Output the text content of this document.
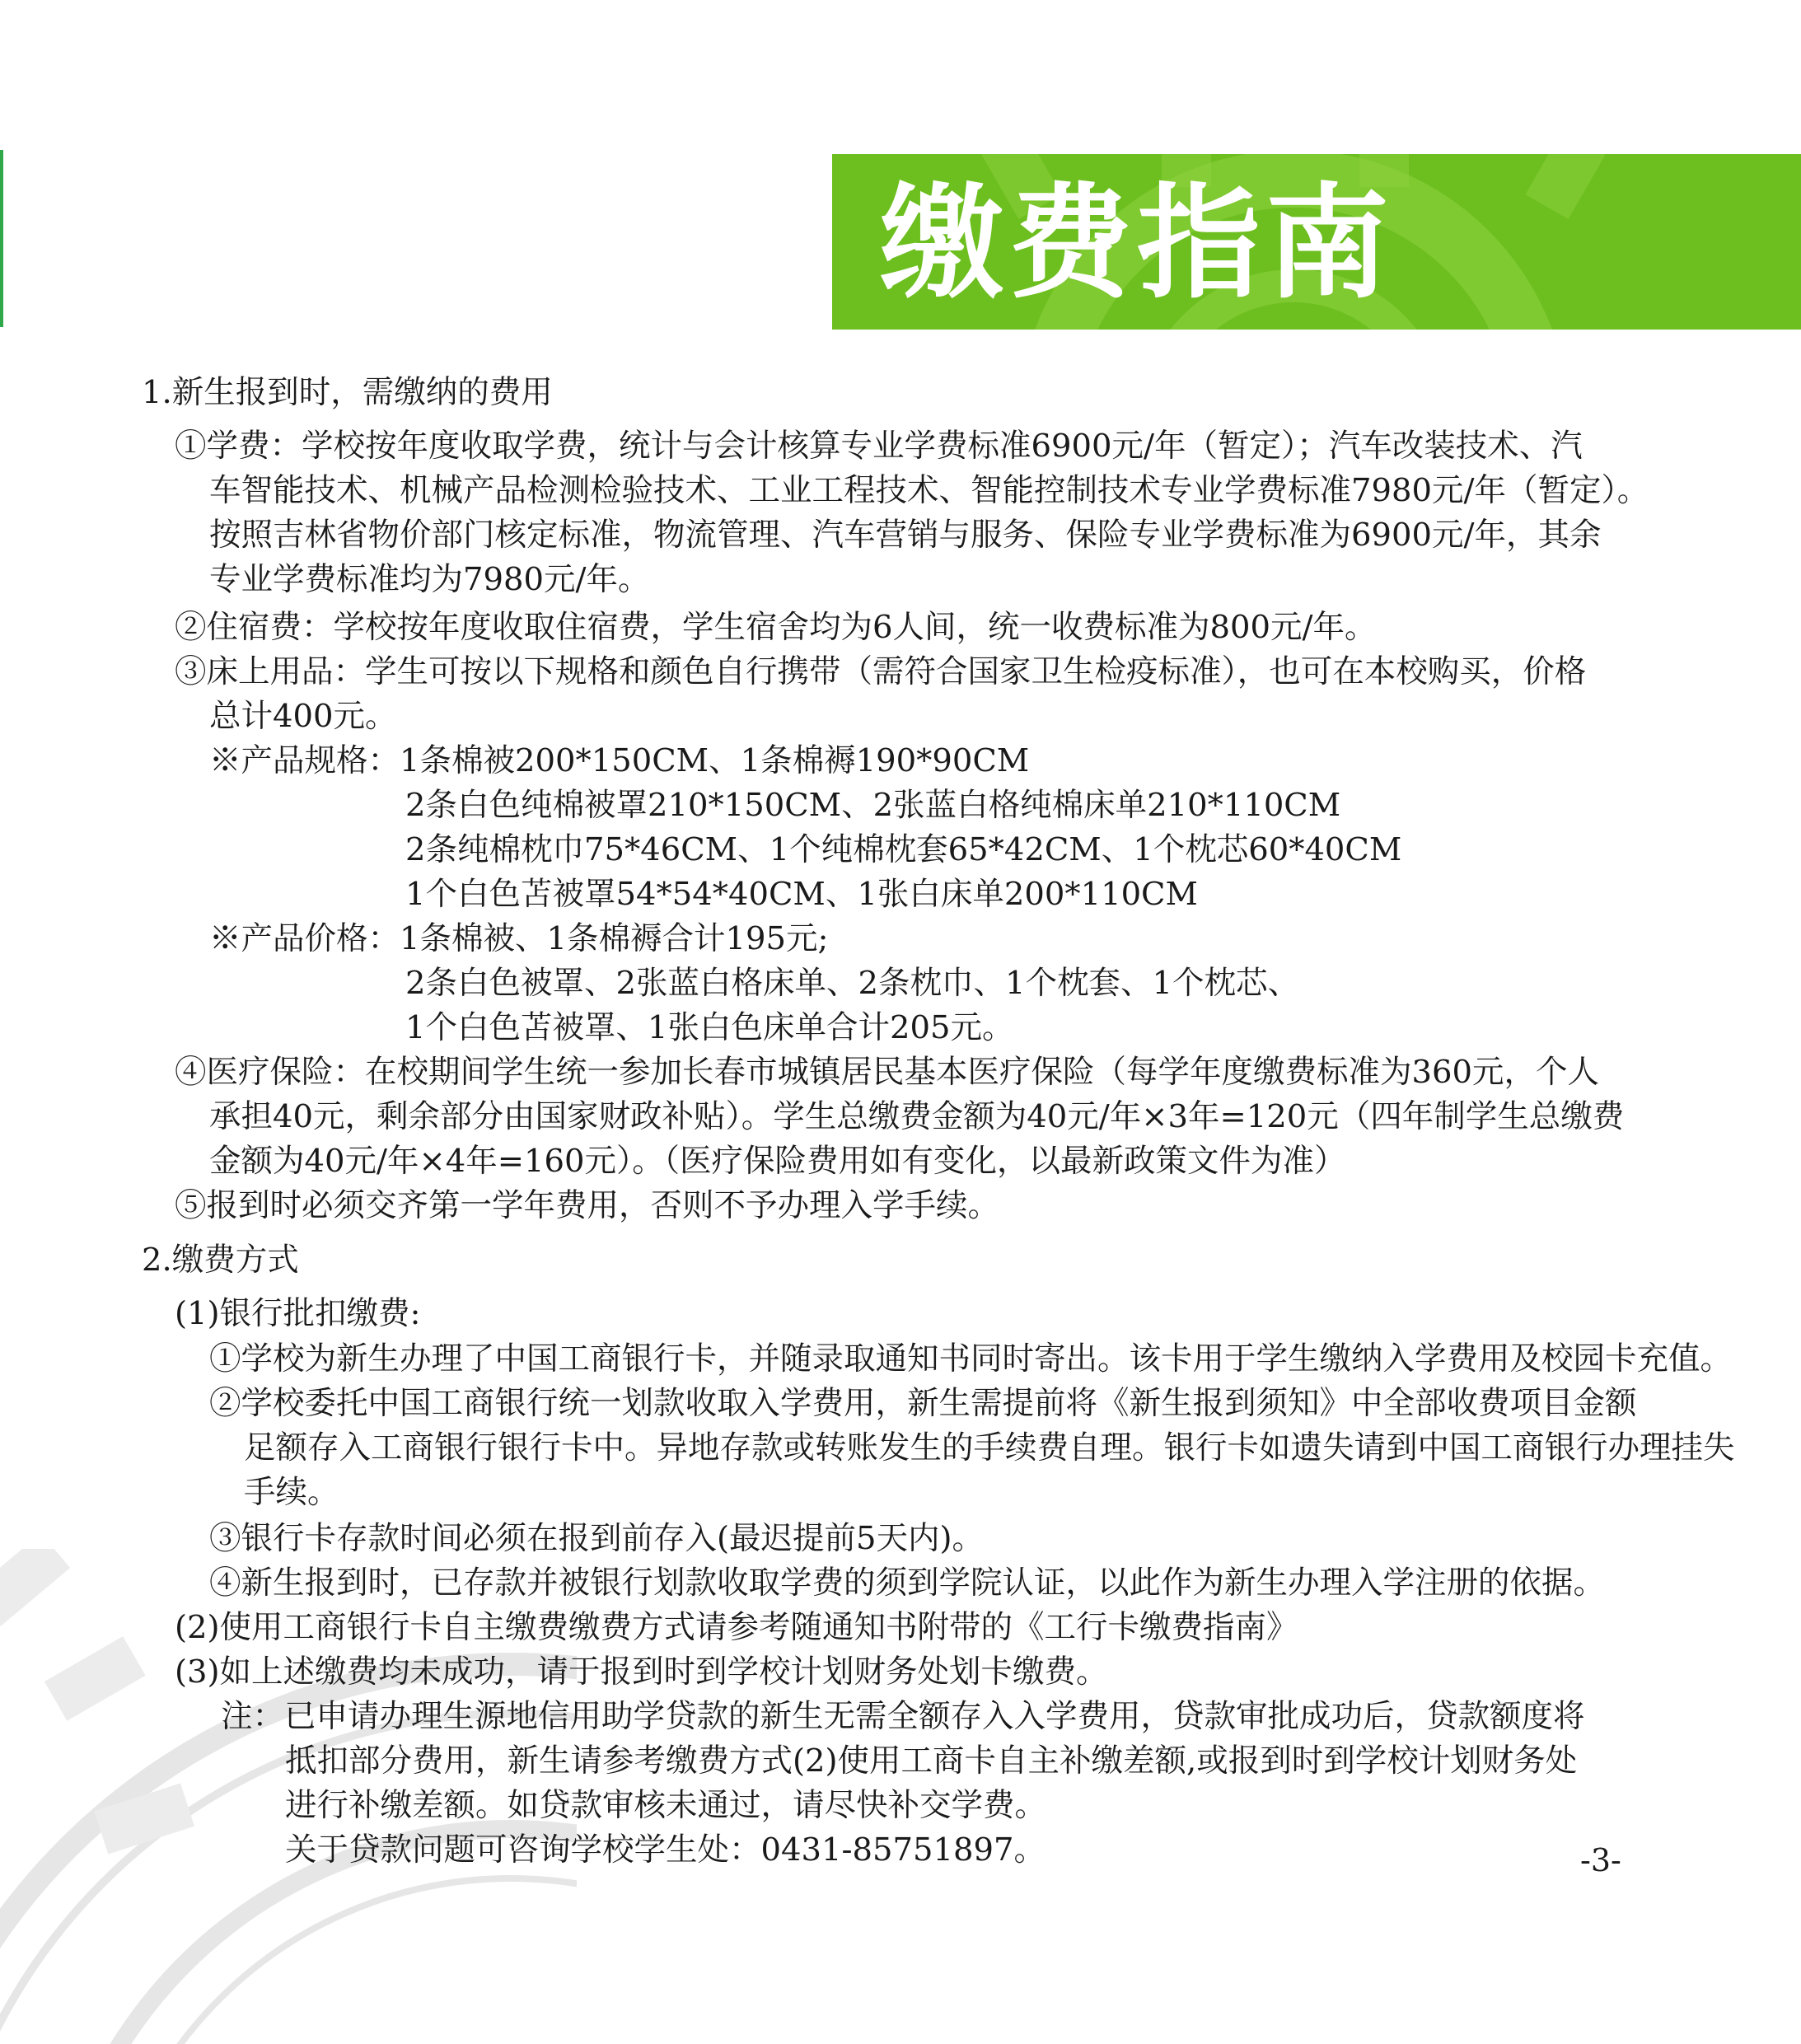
缴费指南

1.新生报到时，需缴纳的费用

①学费：学校按年度收取学费，统计与会计核算专业学费标准6900元/年（暂定）；汽车改装技术、汽

车智能技术、机械产品检测检验技术、工业工程技术、智能控制技术专业学费标准7980元/年（暂定）。

按照吉林省物价部门核定标准，物流管理、汽车营销与服务、保险专业学费标准为6900元/年，其余

专业学费标准均为7980元/年。

②住宿费：学校按年度收取住宿费，学生宿舍均为6人间，统一收费标准为800元/年。

③床上用品：学生可按以下规格和颜色自行携带（需符合国家卫生检疫标准），也可在本校购买，价格

总计400元。

※产品规格：1条棉被200*150CM、1条棉褥190*90CM

2条白色纯棉被罩210*150CM、2张蓝白格纯棉床单210*110CM

2条纯棉枕巾75*46CM、1个纯棉枕套65*42CM、1个枕芯60*40CM

1个白色苫被罩54*54*40CM、1张白床单200*110CM

※产品价格：1条棉被、1条棉褥合计195元;

2条白色被罩、2张蓝白格床单、2条枕巾、1个枕套、1个枕芯、

1个白色苫被罩、1张白色床单合计205元。

④医疗保险：在校期间学生统一参加长春市城镇居民基本医疗保险（每学年度缴费标准为360元，个人

承担40元，剩余部分由国家财政补贴）。学生总缴费金额为40元/年×3年=120元（四年制学生总缴费

金额为40元/年×4年=160元）。（医疗保险费用如有变化，以最新政策文件为准）

⑤报到时必须交齐第一学年费用，否则不予办理入学手续。

2.缴费方式

(1)银行批扣缴费:

①学校为新生办理了中国工商银行卡，并随录取通知书同时寄出。该卡用于学生缴纳入学费用及校园卡充值。

②学校委托中国工商银行统一划款收取入学费用，新生需提前将《新生报到须知》中全部收费项目金额

足额存入工商银行银行卡中。异地存款或转账发生的手续费自理。银行卡如遗失请到中国工商银行办理挂失

手续。

③银行卡存款时间必须在报到前存入(最迟提前5天内)。

④新生报到时，已存款并被银行划款收取学费的须到学院认证，以此作为新生办理入学注册的依据。

(2)使用工商银行卡自主缴费缴费方式请参考随通知书附带的《工行卡缴费指南》

(3)如上述缴费均未成功，请于报到时到学校计划财务处划卡缴费。

注：已申请办理生源地信用助学贷款的新生无需全额存入入学费用，贷款审批成功后，贷款额度将

抵扣部分费用，新生请参考缴费方式(2)使用工商卡自主补缴差额,或报到时到学校计划财务处

进行补缴差额。如贷款审核未通过，请尽快补交学费。

关于贷款问题可咨询学校学生处：0431-85751897。	-3-
